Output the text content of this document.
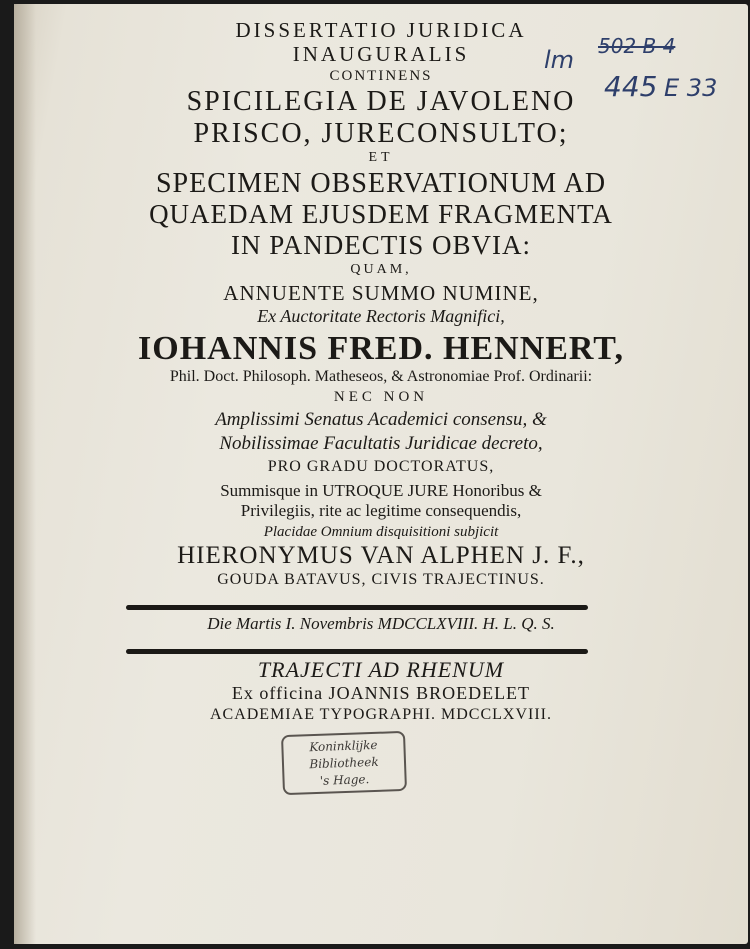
DISSERTATIO JURIDICA
INAUGURALIS
CONTINENS
SPICILEGIA DE JAVOLENO
PRISCO, JURECONSULTO;
ET
SPECIMEN OBSERVATIONUM AD
QUAEDAM EJUSDEM FRAGMENTA
IN PANDECTIS OBVIA:
QUAM,
ANNUENTE SUMMO NUMINE,
Ex Auctoritate Rectoris Magnifici,
IOHANNIS FRED. HENNERT,
Phil. Doct. Philosoph. Matheseos, & Astronomiae Prof. Ordinarii:
NEC NON
Amplissimi Senatus Academici consensu, &
Nobilissimae Facultatis Juridicae decreto,
PRO GRADU DOCTORATUS,
Summisque in UTROQUE JURE Honoribus &
Privilegiis, rite ac legitime consequendis,
Placidae Omnium disquisitioni subjicit
HIERONYMUS VAN ALPHEN J. F.,
GOUDA BATAVUS, CIVIS TRAJECTINUS.
Die Martis I. Novembris MDCCLXVIII. H. L. Q. S.
TRAJECTI AD RHENUM
Ex officina JOANNIS BROEDELET
ACADEMIAE TYPOGRAPHI. MDCCLXVIII.
Koninklijke
Bibliotheek
's Hage.
502 B 4
lm
445 E 33
